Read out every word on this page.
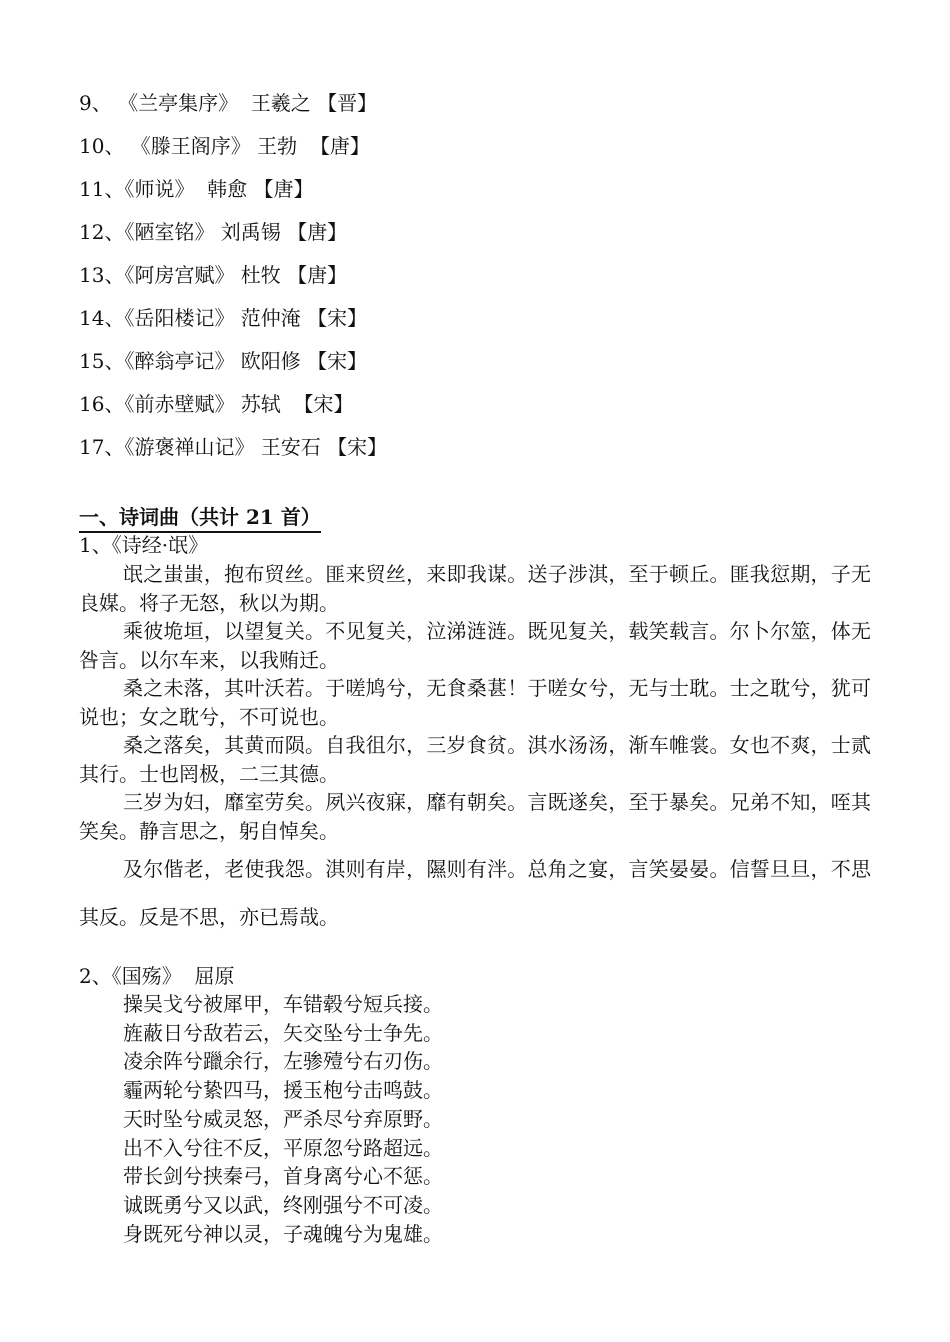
9、 《兰亭集序》  王羲之 【晋】
10、 《滕王阁序》 王勃  【唐】
11、《师说》  韩愈 【唐】
12、《陋室铭》 刘禹锡 【唐】
13、《阿房宫赋》 杜牧 【唐】
14、《岳阳楼记》 范仲淹 【宋】
15、《醉翁亭记》 欧阳修 【宋】
16、《前赤壁赋》 苏轼  【宋】
17、《游褒禅山记》 王安石 【宋】
一、诗词曲（共计 21 首）
1、《诗经·氓》

氓之蚩蚩，抱布贸丝。匪来贸丝，来即我谋。送子涉淇，至于顿丘。匪我愆期，子无良媒。将子无怒，秋以为期。

乘彼垝垣，以望复关。不见复关，泣涕涟涟。既见复关，载笑载言。尔卜尔筮，体无咎言。以尔车来，以我贿迁。

桑之未落，其叶沃若。于嗟鸠兮，无食桑葚！于嗟女兮，无与士耽。士之耽兮，犹可说也；女之耽兮，不可说也。

桑之落矣，其黄而陨。自我徂尔，三岁食贫。淇水汤汤，渐车帷裳。女也不爽，士贰其行。士也罔极，二三其德。

三岁为妇，靡室劳矣。夙兴夜寐，靡有朝矣。言既遂矣，至于暴矣。兄弟不知，咥其笑矣。静言思之，躬自悼矣。

及尔偕老，老使我怨。淇则有岸，隰则有泮。总角之宴，言笑晏晏。信誓旦旦，不思其反。反是不思，亦已焉哉。

2、《国殇》  屈原
操吴戈兮被犀甲，车错毂兮短兵接。
旌蔽日兮敌若云，矢交坠兮士争先。
凌余阵兮躐余行，左骖殪兮右刃伤。
霾两轮兮絷四马，援玉枹兮击鸣鼓。
天时坠兮威灵怒，严杀尽兮弃原野。
出不入兮往不反，平原忽兮路超远。
带长剑兮挟秦弓，首身离兮心不惩。
诚既勇兮又以武，终刚强兮不可凌。
身既死兮神以灵，子魂魄兮为鬼雄。
